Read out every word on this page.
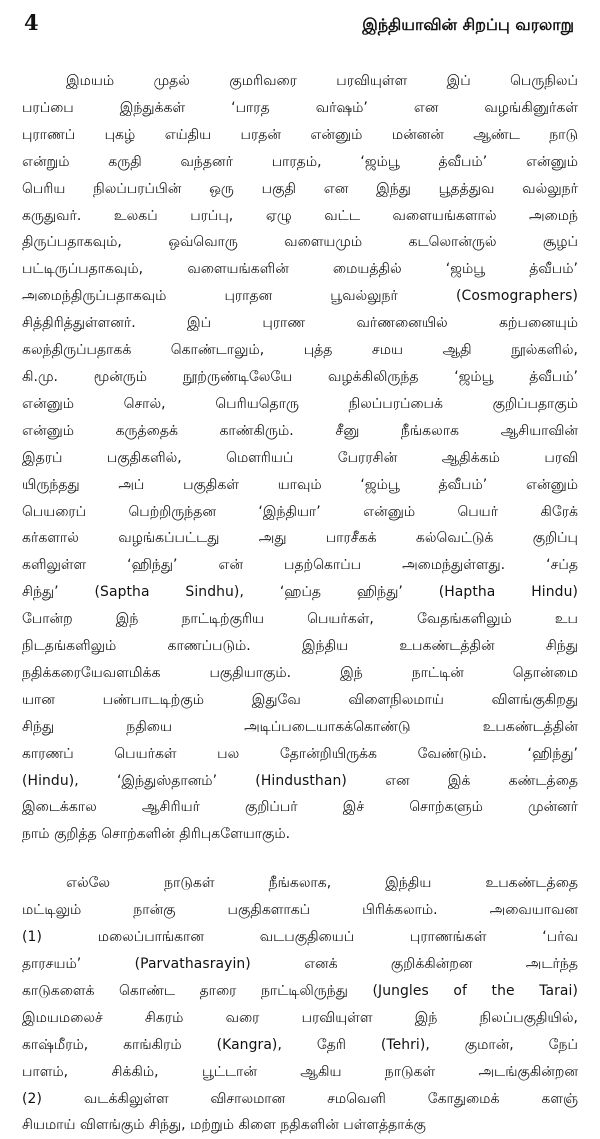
4	இந்தியாவின் சிறப்பு வரலாறு
இமயம் முதல் குமரிவரை பரவியுள்ள இப் பெருநிலப்
பரப்பை இந்துக்கள் ‘பாரத வர்ஷம்’ என வழங்கினுர்கள்
புராணப் புகழ் எய்திய பரதன் என்னும் மன்னன் ஆண்ட நாடு
என்றும் கருதி வந்தனர் பாரதம், ‘ஜம்பூ த்வீபம்’ என்னும்
பெரிய நிலப்பரப்பின் ஒரு பகுதி என இந்து பூதத்துவ வல்லுநர்
கருதுவர். உலகப் பரப்பு, ஏழு வட்ட வளையங்களால் அமைந்
திருப்பதாகவும், ஒவ்வொரு வளையமும் கடலொன்ருல் சூழப்
பட்டிருப்பதாகவும், வளையங்களின் மையத்தில் ‘ஜம்பூ த்வீபம்’
அமைந்திருப்பதாகவும் புராதன பூவல்லுநர் (Cosmographers)
சித்திரித்துள்ளனர். இப் புராண வர்ணனையில் கற்பனையும்
கலந்திருப்பதாகக் கொண்டாலும், புத்த சமய ஆதி நூல்களில்,
கி.மு. மூன்ரும் நூற்ருண்டிலேயே வழக்கிலிருந்த ‘ஜம்பூ த்வீபம்’
என்னும் சொல், பெரியதொரு நிலப்பரப்பைக் குறிப்பதாகும்
என்னும் கருத்தைக் காண்கிரும். சீனு நீங்கலாக ஆசியாவின்
இதரப் பகுதிகளில், மௌரியப் பேரரசின் ஆதிக்கம் பரவி
யிருந்தது அப் பகுதிகள் யாவும் ‘ஜம்பூ த்வீபம்’ என்னும்
பெயரைப் பெற்றிருந்தன ‘இந்தியா’ என்னும் பெயர் கிரேக்
கர்களால் வழங்கப்பட்டது அது பாரசீகக் கல்வெட்டுக் குறிப்பு
களிலுள்ள ‘ஹிந்து’ என் பதற்கொப்ப அமைந்துள்ளது. ‘சப்த
சிந்து’ (Saptha Sindhu), ‘ஹப்த ஹிந்து’ (Haptha Hindu)
போன்ற இந் நாட்டிற்குரிய பெயர்கள், வேதங்களிலும் உப
நிடதங்களிலும் காணப்படும். இந்திய உபகண்டத்தின் சிந்து
நதிக்கரையேவளமிக்க பகுதியாகும். இந் நாட்டின் தொன்மை
யான பண்பாடடிற்கும் இதுவே விளைநிலமாய் விளங்குகிறது
சிந்து நதியை அடிப்படையாகக்கொண்டு உபகண்டத்தின்
காரணப் பெயர்கள் பல தோன்றியிருக்க வேண்டும். ‘ஹிந்து’
(Hindu), ‘இந்துஸ்தானம்’ (Hindusthan) என இக் கண்டத்தை
இடைக்கால ஆசிரியர் குறிப்பர் இச் சொற்களும் முன்னர்
நாம் குறித்த சொற்களின் திரிபுகளேயாகும்.
எல்லே நாடுகள் நீங்கலாக, இந்திய உபகண்டத்தை
மட்டிலும் நான்கு பகுதிகளாகப் பிரிக்கலாம். அவையாவன
(1) மலைப்பாங்கான வடபகுதியைப் புராணங்கள் ‘பர்வ
தாரசயம்’ (Parvathasrayin) எனக் குறிக்கின்றன அடர்ந்த
காடுகளைக் கொண்ட தாரை நாட்டிலிருந்து (Jungles of the Tarai)
இமயமலைச் சிகரம் வரை பரவியுள்ள இந் நிலப்பகுதியில்,
காஷ்மீரம், காங்கிரம் (Kangra), தேரி (Tehri), குமான், நேப்
பாளம், சிக்கிம், பூட்டான் ஆகிய நாடுகள் அடங்குகின்றன
(2) வடக்கிலுள்ள விசாலமான சமவெளி கோதுமைக் களஞ்
சியமாய் விளங்கும் சிந்து, மற்றும் கிளை நதிகளின் பள்ளத்தாக்கு
